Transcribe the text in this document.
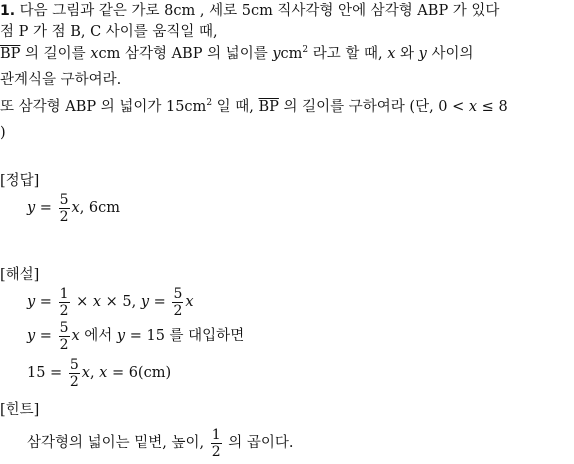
1. 다음 그림과 같은 가로 8cm , 세로 5cm 직사각형 안에 삼각형 ABP 가 있다
점 P 가 점 B, C 사이를 움직일 때,
$\overline{BP}$ 의 길이를 xcm 삼각형 ABP 의 넓이를 ycm$^2$ 라고 할 때, x 와 y 사이의
관계식을 구하여라.
또 삼각형 ABP 의 넓이가 $15cm^2$ 일 때, $\overline{BP}$ 의 길이를 구하여라 (단, 0 < x ≤ 8
)
[정답]
$y = \frac{5}{2} x$, 6cm
[해설]
$y = \frac{1}{2} \times x \times 5$, $y = \frac{5}{2}$ x
$y = \frac{5}{2}$ x 에서 y = 15 를 대입하면
$15 = \frac{5}{2} x$, x = 6(cm)
[힌트]
삼각형의 넓이는 밑변, 높이, $\frac{1}{2}$ 의 곱이다.
